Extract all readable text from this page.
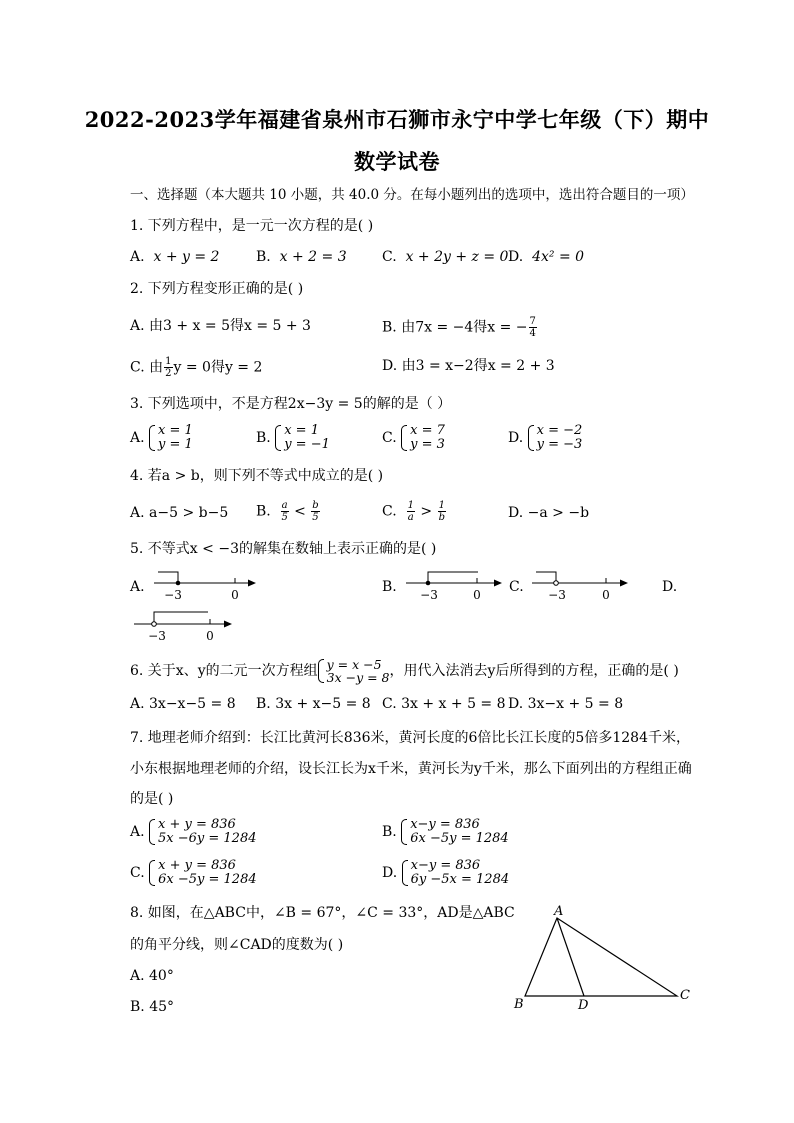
2022-2023学年福建省泉州市石狮市永宁中学七年级（下）期中
数学试卷
一、选择题（本大题共 10 小题，共 40.0 分。在每小题列出的选项中，选出符合题目的一项）
1. 下列方程中，是一元一次方程的是( )
A. x + y = 2	B. x + 2 = 3	C. x + 2y + z = 0 D. 4x² = 0
2. 下列方程变形正确的是( )
A. 由3 + x = 5得x = 5 + 3	B. 由7x = −4得x = − $\frac{7}{4}$
C. 由 $\frac{1}{2}$ y = 0得y = 2	D. 由3 = x−2得x = 2 + 3
3. 下列选项中，不是方程2x−3y = 5的解的是（ ）
A. x = 1
y = 1	B. x = 1
y = −1	C. x = 7
y = 3	D. x = −2
y = −3
4. 若a > b，则下列不等式中成立的是( )
A. a−5 > b−5 B. $\frac{a}{5} < \frac{b}{5}$	C. $\frac{1}{a} > \frac{1}{b}$	D. −a > −b
5. 不等式x < −3的解集在数轴上表示正确的是( )
A. −3	0	B. −3	0 C. −3	0	D.
−3	0
6. 关于x、y的二元一次方程组 y = x −5
3x −y = 8 ，用代入法消去y后所得到的方程，正确的是( )
A. 3x−x−5 = 8 B. 3x + x−5 = 8 C. 3x + x + 5 = 8 D. 3x−x + 5 = 8
7. 地理老师介绍到：长江比黄河长836米，黄河长度的6倍比长江长度的5倍多1284千米，
小东根据地理老师的介绍，设长江长为x千米，黄河长为y千米，那么下面列出的方程组正确
的是( )
A. x + y = 836
5x −6y = 1284	B. x−y = 836
6x −5y = 1284
C. x + y = 836
6x −5y = 1284	D. x−y = 836
6y −5x = 1284
8. 如图，在△ABC中，∠B = 67°，∠C = 33°，AD是△ABC
的角平分线，则∠CAD的度数为( )
A. 40°
B. 45°
A
B
C
D
